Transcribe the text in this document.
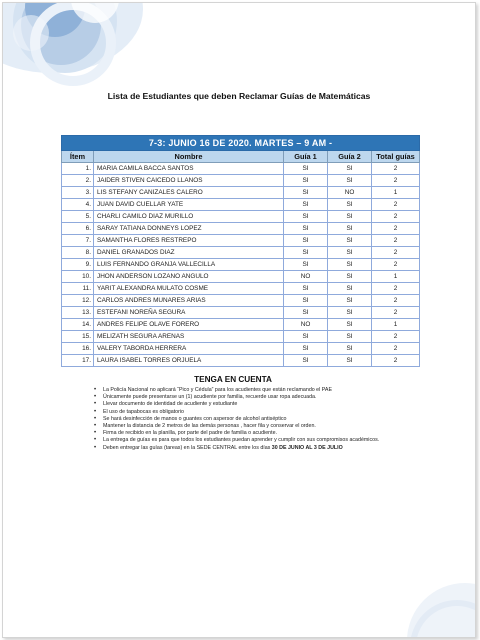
Lista de Estudiantes que deben Reclamar Guías de Matemáticas
7-3: JUNIO 16 DE 2020. MARTES – 9 AM -				
Ítem	Nombre	Guía 1	Guía 2	Total guías
1.	MARIA CAMILA BACCA SANTOS	SI	SI	2
2.	JAIDER STIVEN CAICEDO LLANOS	SI	SI	2
3.	LIS STEFANY CANIZALES CALERO	SI	NO	1
4.	JUAN DAVID CUELLAR YATE	SI	SI	2
5.	CHARLI CAMILO DIAZ MURILLO	SI	SI	2
6.	SARAY TATIANA DONNEYS LOPEZ	SI	SI	2
7.	SAMANTHA FLORES RESTREPO	SI	SI	2
8.	DANIEL GRANADOS DIAZ	SI	SI	2
9.	LUIS FERNANDO GRANJA VALLECILLA	SI	SI	2
10.	JHON ANDERSON LOZANO ANGULO	NO	SI	1
11.	YARIT ALEXANDRA MULATO COSME	SI	SI	2
12.	CARLOS ANDRES MUNARES ARIAS	SI	SI	2
13.	ESTEFANI NOREÑA SEGURA	SI	SI	2
14.	ANDRES FELIPE OLAVE FORERO	NO	SI	1
15.	MELIZATH SEGURA ARENAS	SI	SI	2
16.	VALERY TABORDA HERRERA	SI	SI	2
17.	LAURA ISABEL TORRES ORJUELA	SI	SI	2
TENGA EN CUENTA
• La Policía Nacional no aplicará “Pico y Cédula” para los acudientes que están reclamando el PAE
• Únicamente puede presentarse un (1) acudiente por familia, recuerde usar ropa adecuada.
• Llevar documento de identidad de acudiente y estudiante
• El uso de tapabocas es obligatorio
• Se hará desinfección de manos o guantes con aspersor de alcohol antiséptico
• Mantener la distancia de 2 metros de las demás personas , hacer fila y conservar el orden.
• Firma de recibido en la planilla, por parte del padre de familia o acudiente.
• La entrega de guías es para que todos los estudiantes puedan aprender y cumplir con sus compromisos académicos.
• Deben entregar las guías (tareas) en la SEDE CENTRAL entre los días 30 DE JUNIO AL 3 DE JULIO
